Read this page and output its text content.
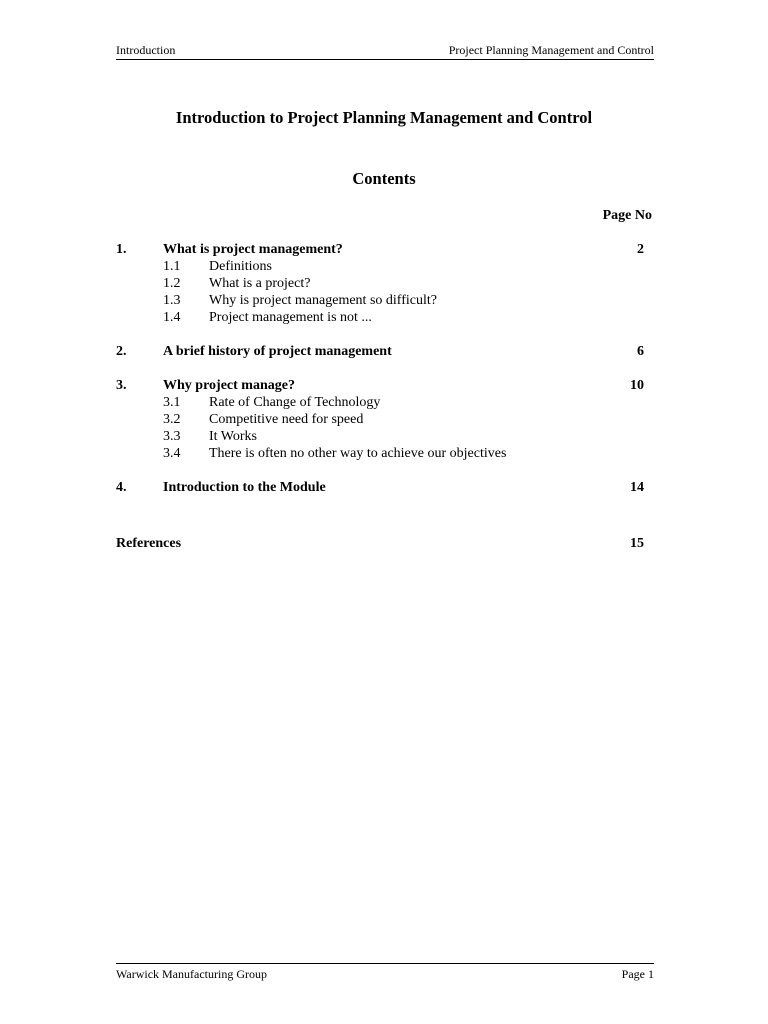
Introduction	Project Planning Management and Control
Introduction to Project Planning Management and Control
Contents
Page No
1.	What is project management?	2
1.1 Definitions
1.2 What is a project?
1.3 Why is project management so difficult?
1.4 Project management is not ...
2.	A brief history of project management	6
3.	Why project manage?	10
3.1 Rate of Change of Technology
3.2 Competitive need for speed
3.3 It Works
3.4 There is often no other way to achieve our objectives
4.	Introduction to the Module	14
References	15
Warwick Manufacturing Group	Page 1
